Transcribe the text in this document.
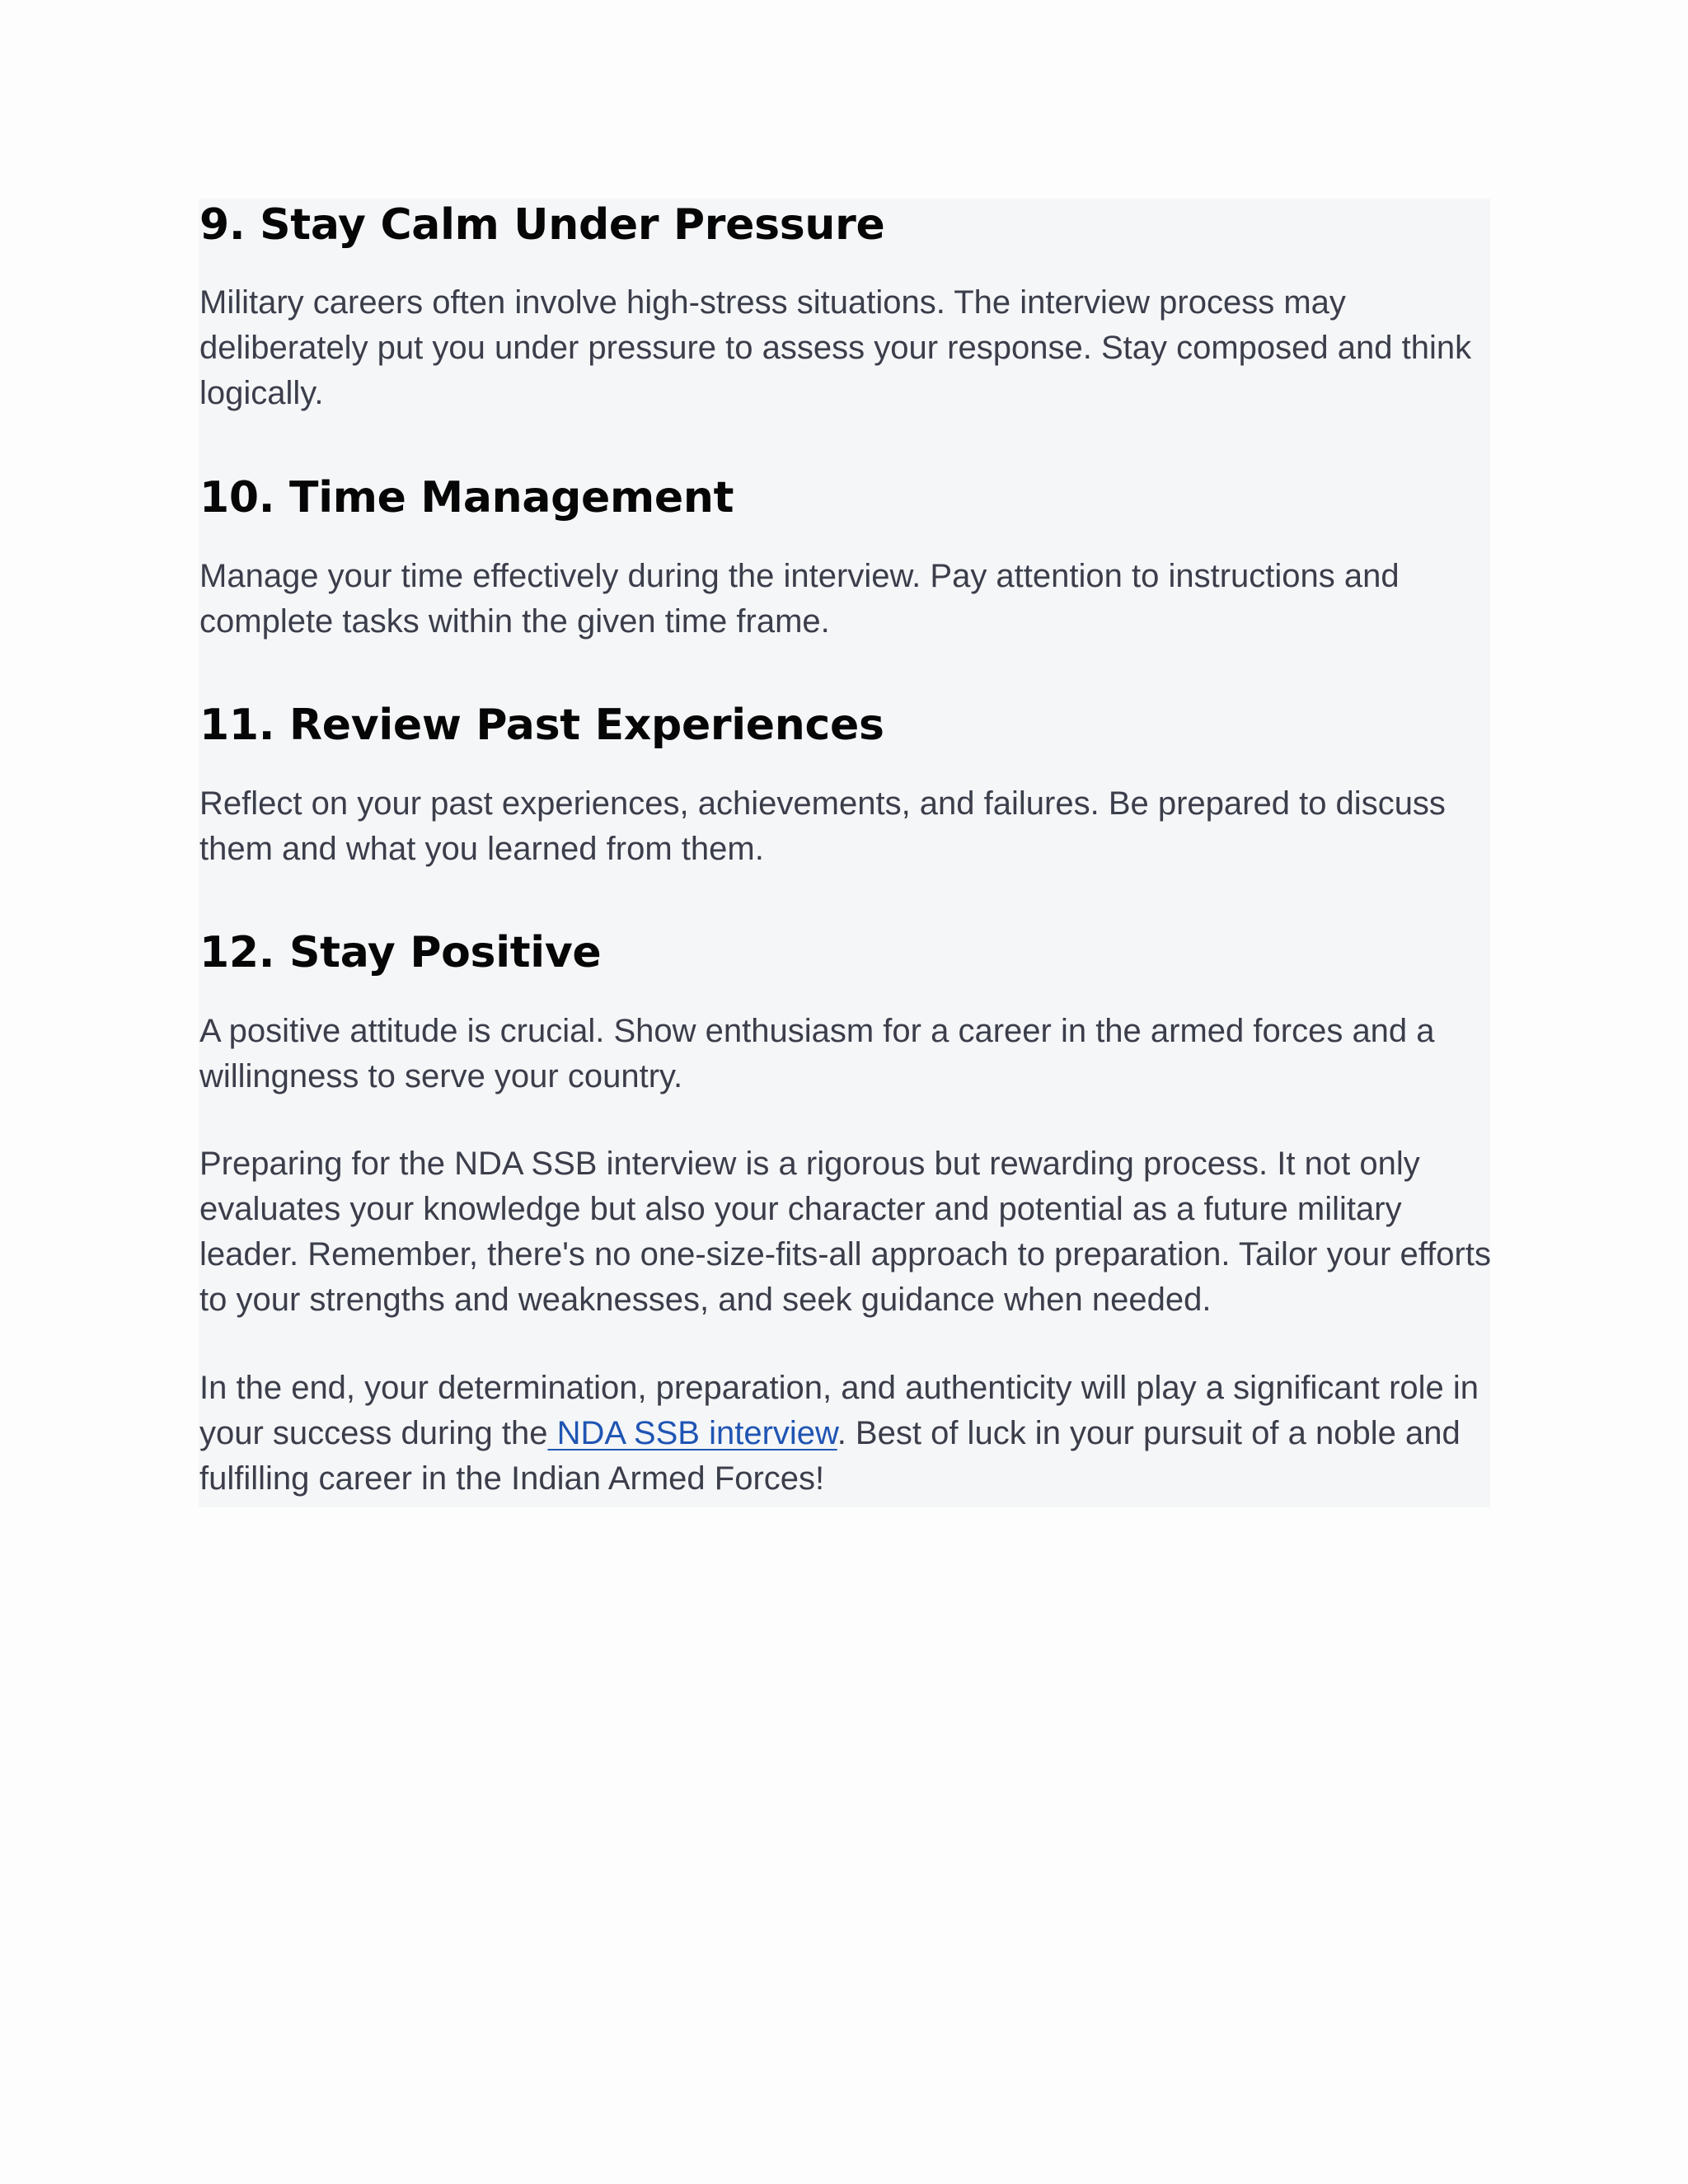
9. Stay Calm Under Pressure

Military careers often involve high-stress situations. The interview process may
deliberately put you under pressure to assess your response. Stay composed and think
logically.

10. Time Management

Manage your time effectively during the interview. Pay attention to instructions and
complete tasks within the given time frame.

11. Review Past Experiences

Reflect on your past experiences, achievements, and failures. Be prepared to discuss
them and what you learned from them.

12. Stay Positive

A positive attitude is crucial. Show enthusiasm for a career in the armed forces and a
willingness to serve your country.

Preparing for the NDA SSB interview is a rigorous but rewarding process. It not only
evaluates your knowledge but also your character and potential as a future military
leader. Remember, there's no one-size-fits-all approach to preparation. Tailor your efforts
to your strengths and weaknesses, and seek guidance when needed.

In the end, your determination, preparation, and authenticity will play a significant role in
your success during the NDA SSB interview. Best of luck in your pursuit of a noble and
fulfilling career in the Indian Armed Forces!
